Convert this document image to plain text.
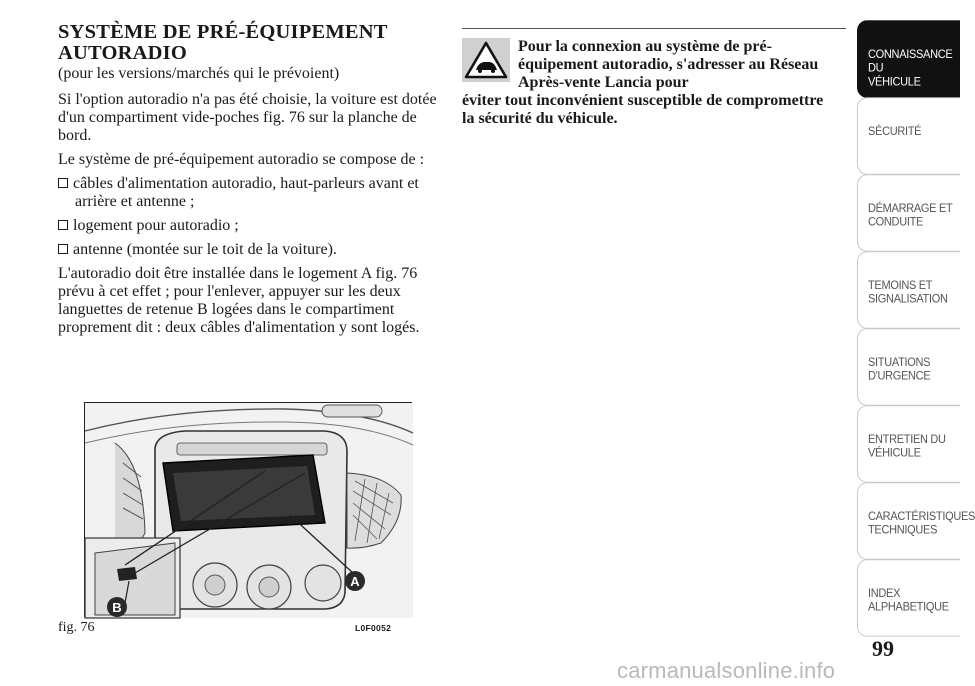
SYSTÈME DE PRÉ-ÉQUIPEMENT
AUTORADIO

(pour les versions/marchés qui le prévoient)

Si l'option autoradio n'a pas été choisie, la voiture est dotée d'un compartiment vide-poches fig. 76 sur la planche de bord.

Le système de pré-équipement autoradio se compose de :

câbles d'alimentation autoradio, haut-parleurs avant et arrière et antenne ;
logement pour autoradio ;
antenne (montée sur le toit de la voiture).

L'autoradio doit être installée dans le logement A fig. 76 prévu à cet effet ; pour l'enlever, appuyer sur les deux languettes de retenue B logées dans le compartiment proprement dit : deux câbles d'alimentation y sont logés.

A
B
fig. 76	L0F0052

Pour la connexion au système de pré-équipement autoradio, s'adresser au Réseau Après-vente Lancia pour

éviter tout inconvénient susceptible de compromettre la sécurité du véhicule.

CONNAISSANCE DU
VÉHICULE
SÉCURITÉ
DÉMARRAGE ET
CONDUITE
TEMOINS ET
SIGNALISATION
SITUATIONS
D'URGENCE
ENTRETIEN DU
VÉHICULE
CARACTÉRISTIQUES
TECHNIQUES
INDEX
ALPHABETIQUE
99
carmanualsonline.info
